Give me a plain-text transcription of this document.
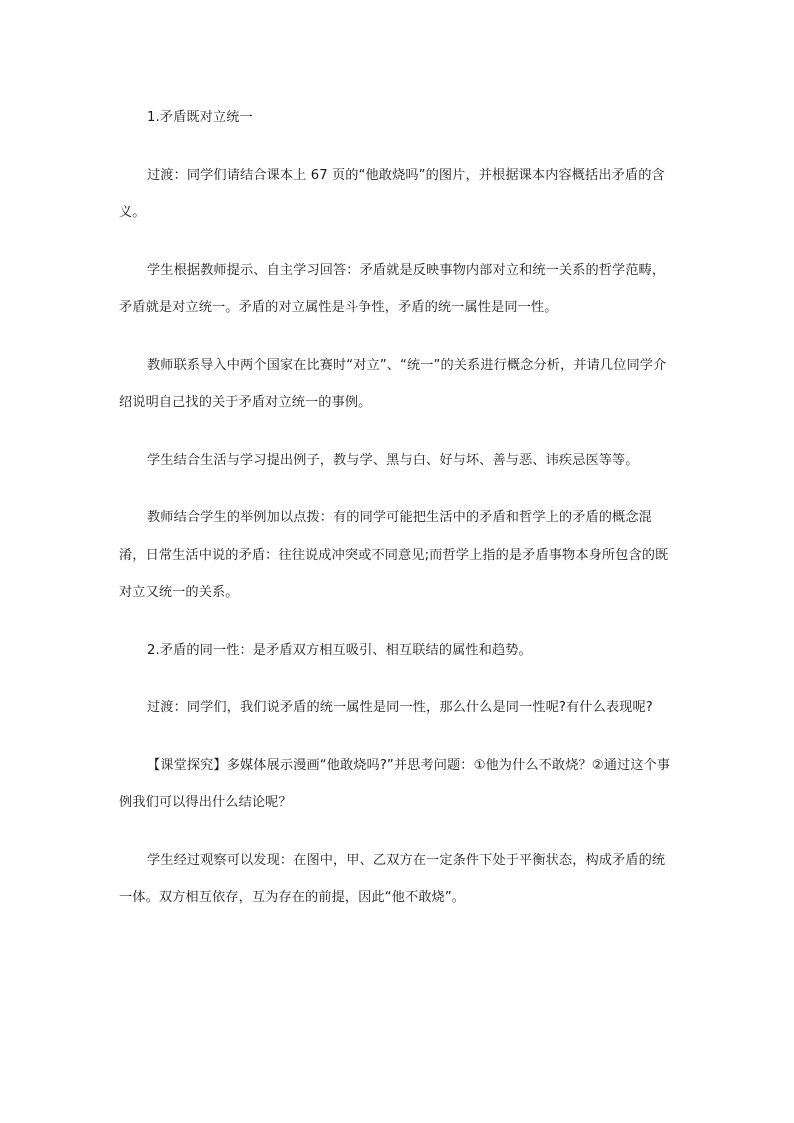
1.矛盾既对立统一

过渡：同学们请结合课本上 67 页的“他敢烧吗”的图片，并根据课本内容概括出矛盾的含义。

学生根据教师提示、自主学习回答：矛盾就是反映事物内部对立和统一关系的哲学范畴，矛盾就是对立统一。矛盾的对立属性是斗争性，矛盾的统一属性是同一性。

教师联系导入中两个国家在比赛时“对立”、“统一”的关系进行概念分析，并请几位同学介绍说明自己找的关于矛盾对立统一的事例。

学生结合生活与学习提出例子，教与学、黑与白、好与坏、善与恶、讳疾忌医等等。

教师结合学生的举例加以点拨：有的同学可能把生活中的矛盾和哲学上的矛盾的概念混淆，日常生活中说的矛盾：往往说成冲突或不同意见;而哲学上指的是矛盾事物本身所包含的既对立又统一的关系。

2.矛盾的同一性：是矛盾双方相互吸引、相互联结的属性和趋势。

过渡：同学们，我们说矛盾的统一属性是同一性，那么什么是同一性呢?有什么表现呢?

【课堂探究】多媒体展示漫画“他敢烧吗?”并思考问题：①他为什么不敢烧？②通过这个事例我们可以得出什么结论呢？

学生经过观察可以发现：在图中，甲、乙双方在一定条件下处于平衡状态，构成矛盾的统一体。双方相互依存，互为存在的前提，因此“他不敢烧”。
